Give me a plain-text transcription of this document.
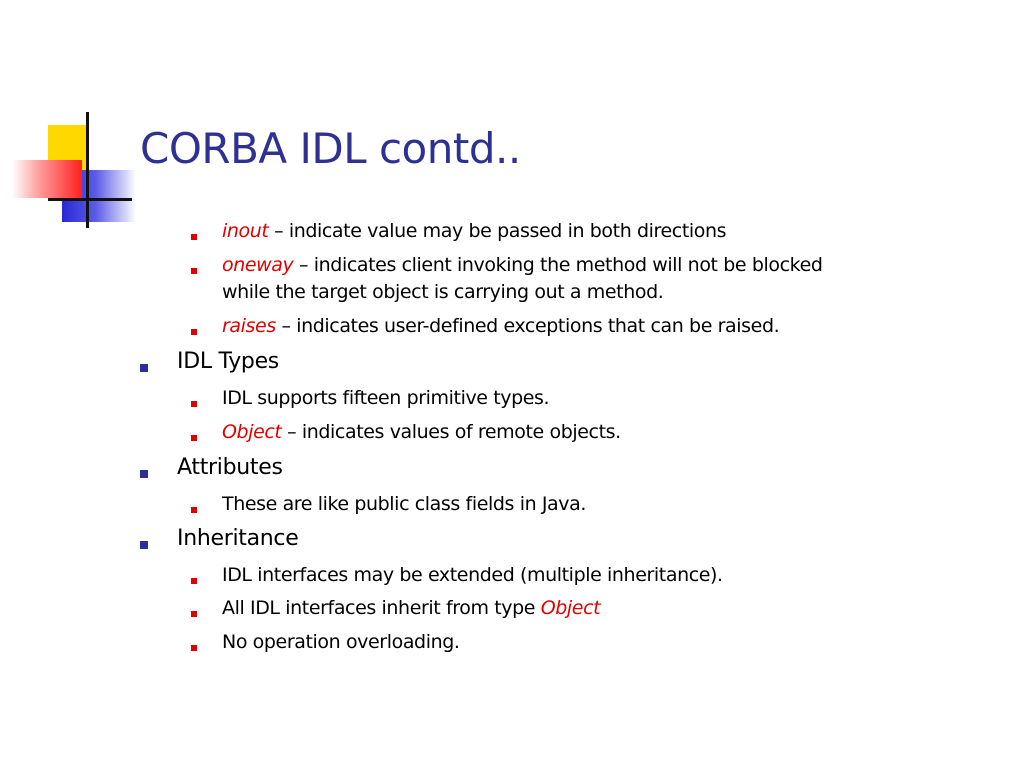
CORBA IDL contd..
inout – indicate value may be passed in both directions
oneway – indicates client invoking the method will not be blocked
while the target object is carrying out a method.
raises – indicates user-defined exceptions that can be raised.
IDL Types
IDL supports fifteen primitive types.
Object – indicates values of remote objects.
Attributes
These are like public class fields in Java.
Inheritance
IDL interfaces may be extended (multiple inheritance).
All IDL interfaces inherit from type Object
No operation overloading.
